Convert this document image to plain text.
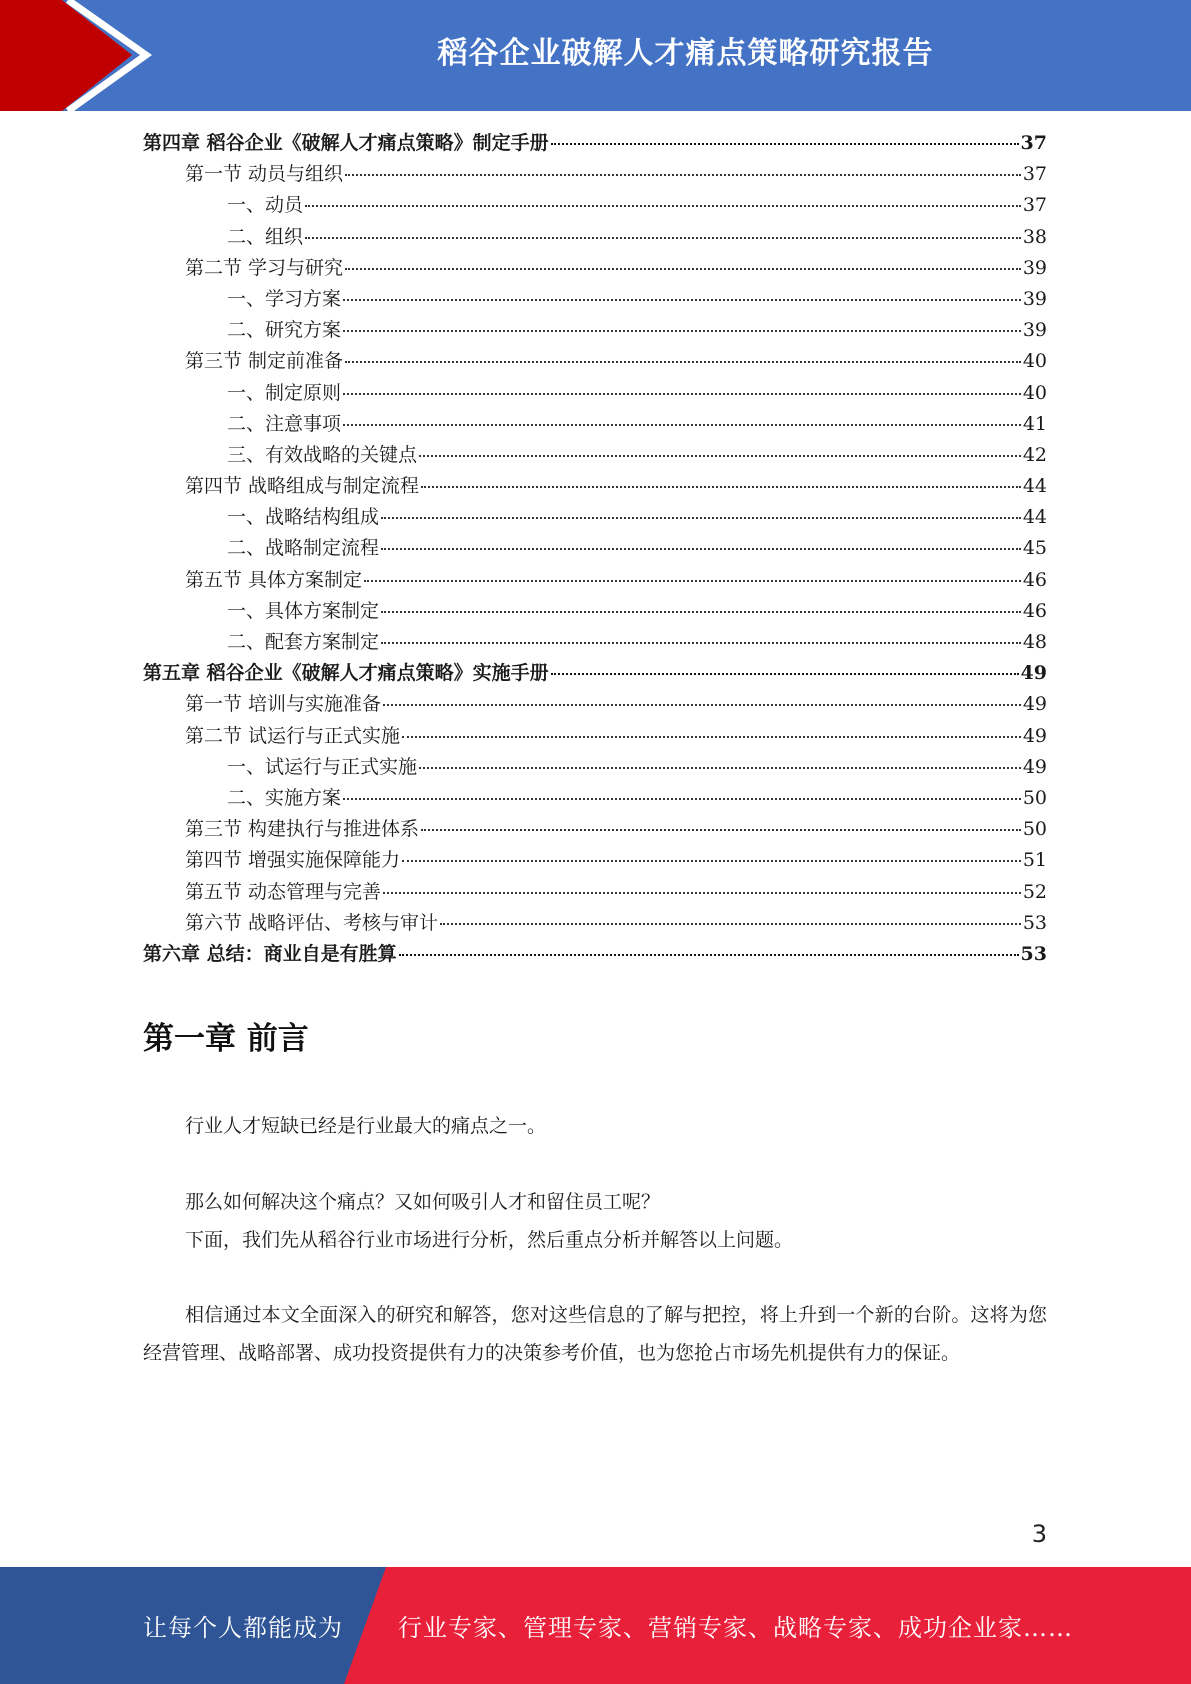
稻谷企业破解人才痛点策略研究报告
第四章 稻谷企业《破解人才痛点策略》制定手册	37
第一节 动员与组织	37
一、动员	37
二、组织	38
第二节 学习与研究	39
一、学习方案	39
二、研究方案	39
第三节 制定前准备	40
一、制定原则	40
二、注意事项	41
三、有效战略的关键点	42
第四节 战略组成与制定流程	44
一、战略结构组成	44
二、战略制定流程	45
第五节 具体方案制定	46
一、具体方案制定	46
二、配套方案制定	48
第五章 稻谷企业《破解人才痛点策略》实施手册	49
第一节 培训与实施准备	49
第二节 试运行与正式实施	49
一、试运行与正式实施	49
二、实施方案	50
第三节 构建执行与推进体系	50
第四节 增强实施保障能力	51
第五节 动态管理与完善	52
第六节 战略评估、考核与审计	53
第六章 总结：商业自是有胜算	53
第一章 前言
行业人才短缺已经是行业最大的痛点之一。
那么如何解决这个痛点？又如何吸引人才和留住员工呢？
下面，我们先从稻谷行业市场进行分析，然后重点分析并解答以上问题。
相信通过本文全面深入的研究和解答，您对这些信息的了解与把控，将上升到一个新的台阶。这将为您经营管理、战略部署、成功投资提供有力的决策参考价值，也为您抢占市场先机提供有力的保证。
3
让每个人都能成为 行业专家、管理专家、营销专家、战略专家、成功企业家……
